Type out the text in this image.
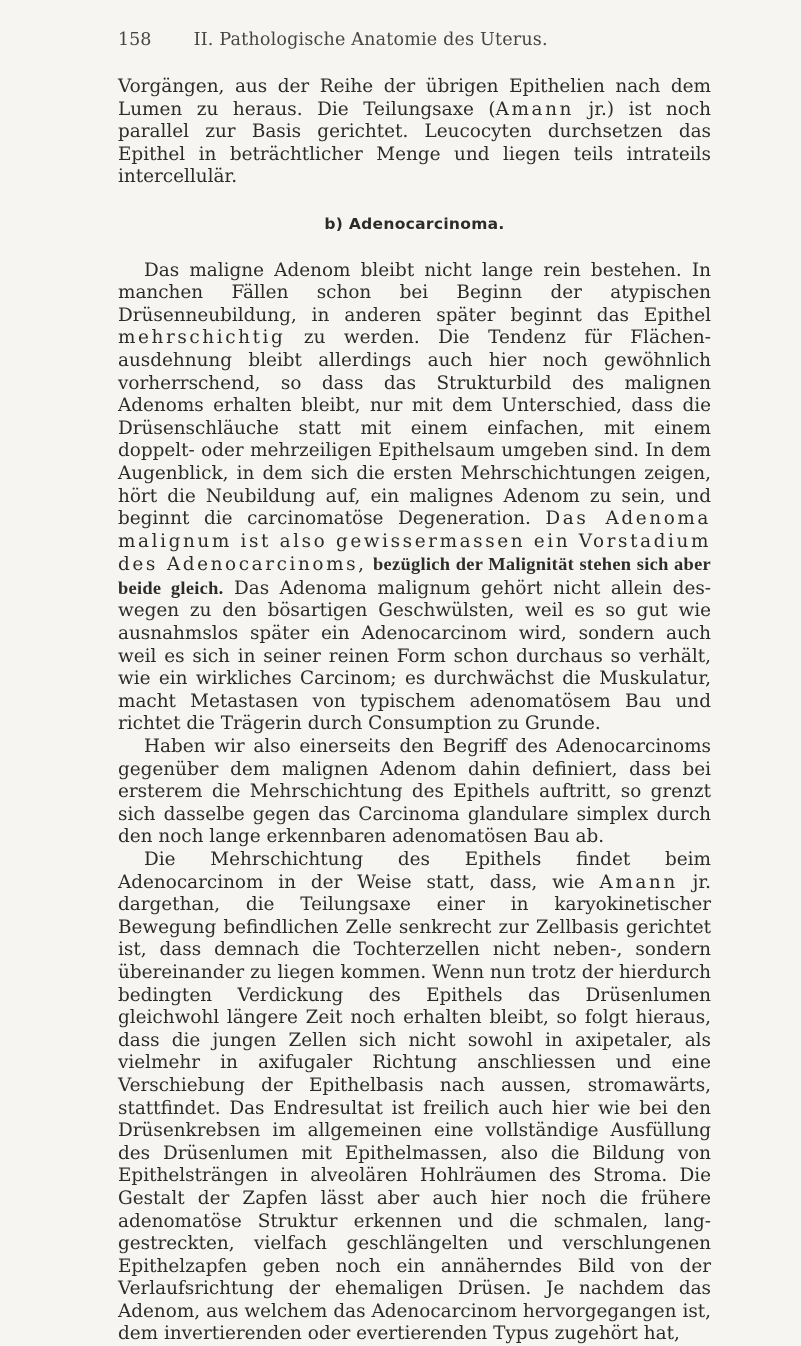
158 II. Pathologische Anatomie des Uterus.

Vorgängen, aus der Reihe der übrigen Epithelien nach dem Lumen zu heraus. Die Teilungsaxe (Amann jr.) ist noch parallel zur Basis gerichtet. Leucocyten durchsetzen das Epithel in beträchtlicher Menge und liegen teils intrateils intercellulär.

b) Adenocarcinoma.

Das maligne Adenom bleibt nicht lange rein bestehen. In manchen Fällen schon bei Beginn der atypischen Drüsenneubildung, in anderen später beginnt das Epithel mehrschichtig zu werden. Die Tendenz für Flächenausdehnung bleibt allerdings auch hier noch gewöhnlich vorherrschend, so dass das Strukturbild des malignen Adenoms erhalten bleibt, nur mit dem Unterschied, dass die Drüsenschläuche statt mit einem einfachen, mit einem doppelt- oder mehrzeiligen Epithelsaum umgeben sind. In dem Augenblick, in dem sich die ersten Mehrschichtungen zeigen, hört die Neubildung auf, ein malignes Adenom zu sein, und beginnt die carcinomatöse Degeneration. Das Adenoma malignum ist also gewissermassen ein Vorstadium des Adenocarcinoms, bezüglich der Malignität stehen sich aber beide gleich. Das Adenoma malignum gehört nicht allein deswegen zu den bösartigen Geschwülsten, weil es so gut wie ausnahmslos später ein Adenocarcinom wird, sondern auch weil es sich in seiner reinen Form schon durchaus so verhält, wie ein wirkliches Carcinom; es durchwächst die Muskulatur, macht Metastasen von typischem adenomatösem Bau und richtet die Trägerin durch Consumption zu Grunde.

Haben wir also einerseits den Begriff des Adenocarcinoms gegenüber dem malignen Adenom dahin definiert, dass bei ersterem die Mehrschichtung des Epithels auftritt, so grenzt sich dasselbe gegen das Carcinoma glandulare simplex durch den noch lange erkennbaren adenomatösen Bau ab.

Die Mehrschichtung des Epithels findet beim Adenocarcinom in der Weise statt, dass, wie Amann jr. dargethan, die Teilungsaxe einer in karyokinetischer Bewegung befindlichen Zelle senkrecht zur Zellbasis gerichtet ist, dass demnach die Tochterzellen nicht neben-, sondern übereinander zu liegen kommen. Wenn nun trotz der hierdurch bedingten Verdickung des Epithels das Drüsenlumen gleichwohl längere Zeit noch erhalten bleibt, so folgt hieraus, dass die jungen Zellen sich nicht sowohl in axipetaler, als vielmehr in axifugaler Richtung anschliessen und eine Verschiebung der Epithelbasis nach aussen, stromawärts, stattfindet. Das Endresultat ist freilich auch hier wie bei den Drüsenkrebsen im allgemeinen eine vollständige Ausfüllung des Drüsenlumen mit Epithelmassen, also die Bildung von Epithelsträngen in alveolären Hohlräumen des Stroma. Die Gestalt der Zapfen lässt aber auch hier noch die frühere adenomatöse Struktur erkennen und die schmalen, langgestreckten, vielfach geschlängelten und verschlungenen Epithelzapfen geben noch ein annäherndes Bild von der Verlaufsrichtung der ehemaligen Drüsen. Je nachdem das Adenom, aus welchem das Adenocarcinom hervorgegangen ist, dem invertierenden oder evertierenden Typus zugehört hat,
